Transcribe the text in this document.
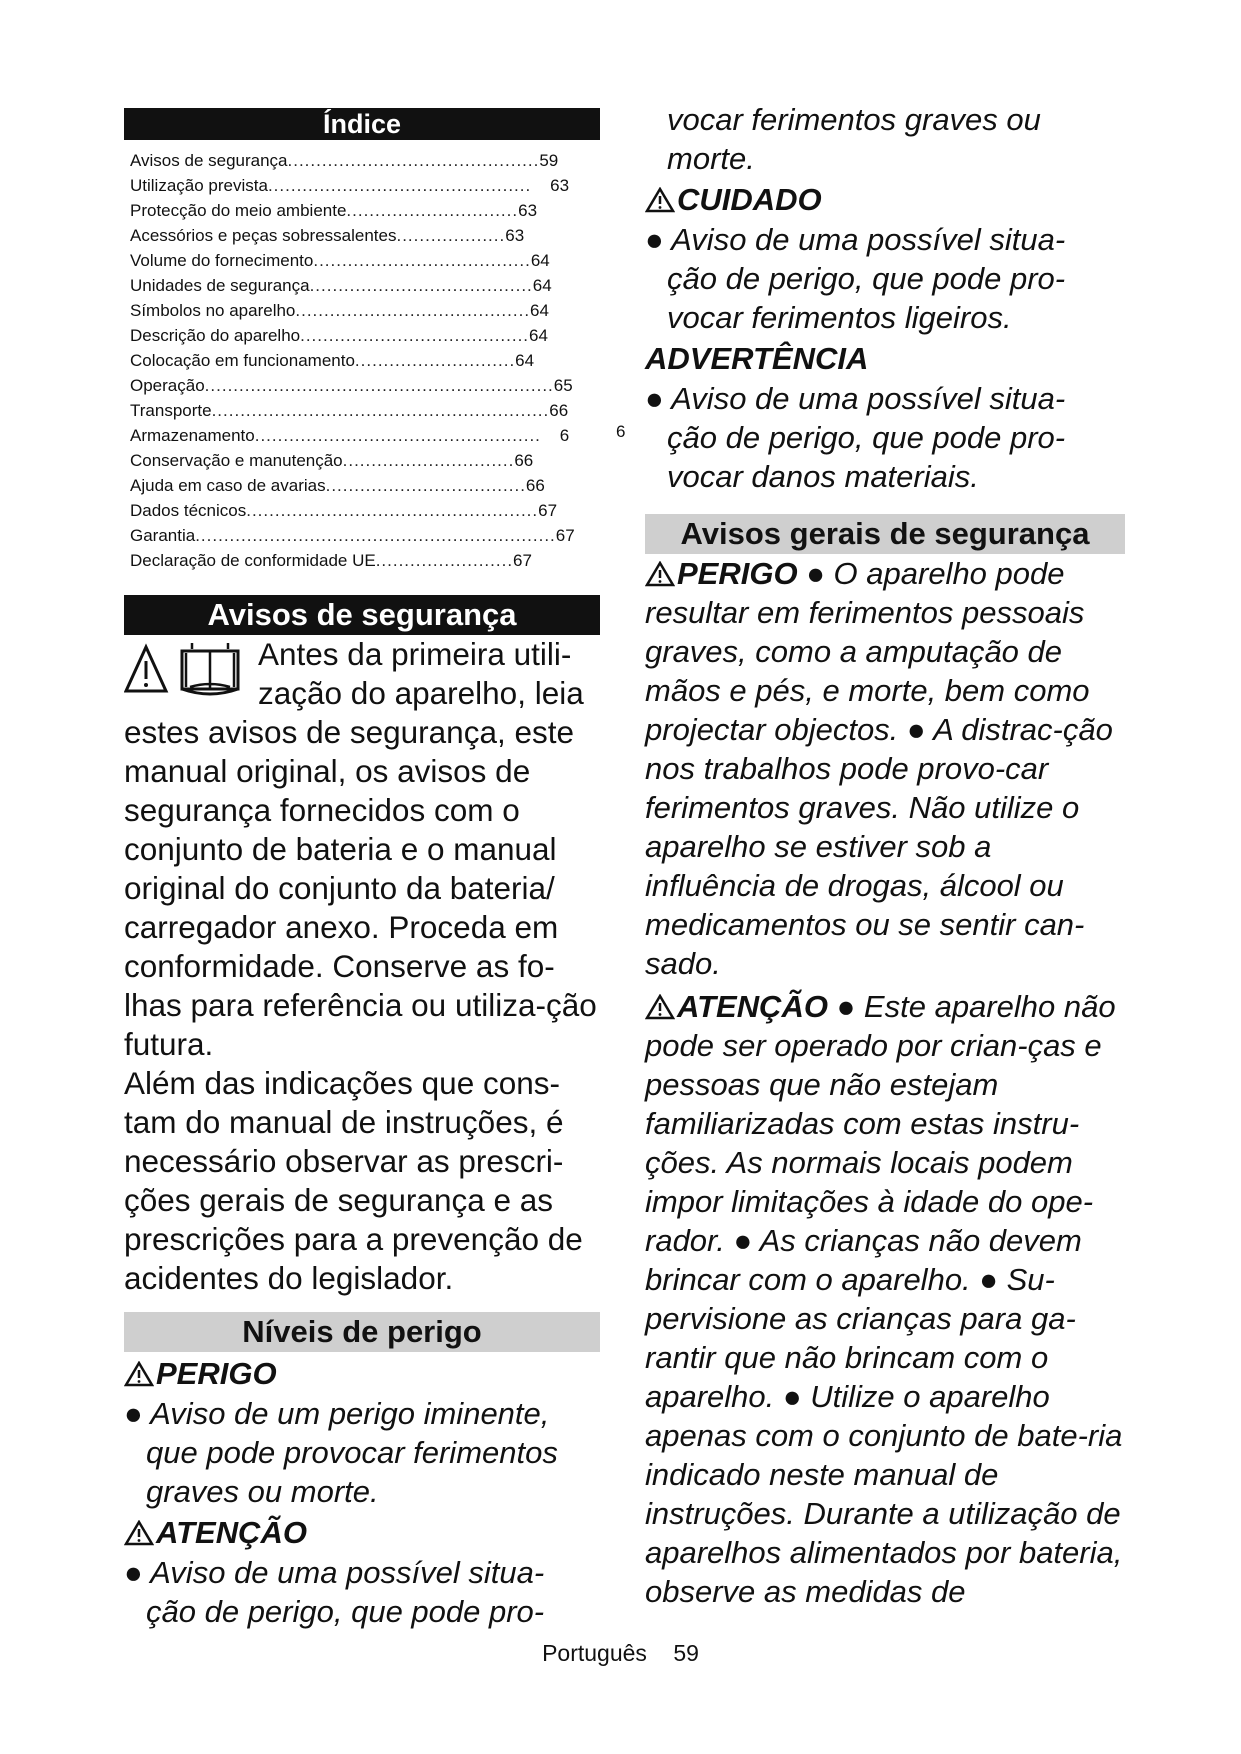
Índice
Avisos de segurança............................................59
Utilização prevista..............................................    63
Protecção do meio ambiente..............................63
Acessórios e peças sobressalentes...................63
Volume do fornecimento......................................64
Unidades de segurança.......................................64
Símbolos no aparelho.........................................64
Descrição do aparelho........................................64
Colocação em funcionamento............................64
Operação.............................................................65
Transporte...........................................................66
Armazenamento..................................................    6
Conservação e manutenção..............................66
Ajuda em caso de avarias...................................66
Dados técnicos...................................................67
Garantia...............................................................67
Declaração de conformidade UE........................67
Avisos de segurança

Antes da primeira utili-

zação do aparelho, leia

estes avisos de segurança, este manual original, os avisos de segurança fornecidos com o conjunto de bateria e o manual original do conjunto da bateria/ carregador anexo. Proceda em conformidade. Conserve as fo-lhas para referência ou utiliza-ção futura.

Além das indicações que cons-tam do manual de instruções, é necessário observar as prescri-ções gerais de segurança e as prescrições para a prevenção de acidentes do legislador.

Níveis de perigo
PERIGO

● Aviso de um perigo iminente,

que pode provocar ferimentos graves ou morte.

ATENÇÃO

● Aviso de uma possível situa-

ção de perigo, que pode pro-

6

vocar ferimentos graves ou morte.

CUIDADO

● Aviso de uma possível situa-

ção de perigo, que pode pro-vocar ferimentos ligeiros.

ADVERTÊNCIA

● Aviso de uma possível situa-

ção de perigo, que pode pro-vocar danos materiais.

Avisos gerais de segurança

PERIGO ● O aparelho pode resultar em ferimentos pessoais graves, como a amputação de mãos e pés, e morte, bem como projectar objectos. ● A distrac-ção nos trabalhos pode provo-car ferimentos graves. Não utilize o aparelho se estiver sob a influência de drogas, álcool ou medicamentos ou se sentir can-sado.

ATENÇÃO ● Este aparelho não pode ser operado por crian-ças e pessoas que não estejam familiarizadas com estas instru-ções. As normais locais podem impor limitações à idade do ope-rador. ● As crianças não devem brincar com o aparelho. ● Su-pervisione as crianças para ga-rantir que não brincam com o aparelho. ● Utilize o aparelho apenas com o conjunto de bate-ria indicado neste manual de instruções. Durante a utilização de aparelhos alimentados por bateria, observe as medidas de

Português 59
